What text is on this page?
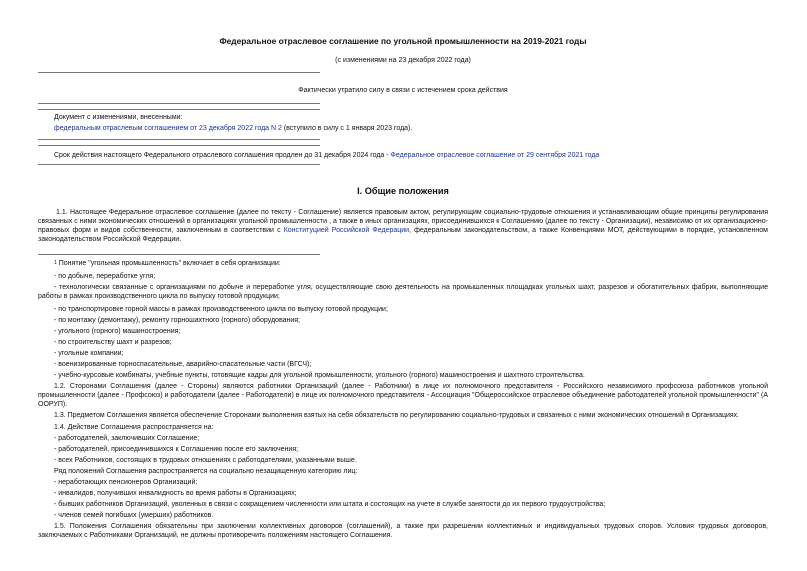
Федеральное отраслевое соглашение по угольной промышленности на 2019-2021 годы
(с изменениями на 23 декабря 2022 года)
Фактически утратило силу в связи с истечением срока действия
Документ с изменениями, внесенными:
федеральным отраслевым соглашением от 23 декабря 2022 года N 2 (вступило в силу с 1 января 2023 года).
Срок действия настоящего Федерального отраслевого соглашения продлен до 31 декабря 2024 года - Федеральное отраслевое соглашение от 29 сентября 2021 года
I. Общие положения
1.1. Настоящее Федеральное отраслевое соглашение (далее по тексту - Соглашение) является правовым актом, регулирующим социально-трудовые отношения и устанавливающим общие принципы регулирования связанных с ними экономических отношений в организациях угольной промышленности , а также в иных организациях, присоединившихся к Соглашению (далее по тексту - Организации), независимо от их организационно-правовых форм и видов собственности, заключенным в соответствии с Конституцией Российской Федерации, федеральным законодательством, а также Конвенциями МОТ, действующими в порядке, установленном законодательством Российской Федерации.
$^1$ Понятие "угольная промышленность" включает в себя организации:
- по добыче, переработке угля;
- технологически связанные с организациями по добыче и переработке угля, осуществляющие свою деятельность на промышленных площадках угольных шахт, разрезов и обогатительных фабрик, выполняющие работы в рамках производственного цикла по выпуску готовой продукции;
- по транспортировке горной массы в рамках производственного цикла по выпуску готовой продукции;
- по монтажу (демонтажу), ремонту горношахтного (горного) оборудования;
- угольного (горного) машиностроения;
- по строительству шахт и разрезов;
- угольные компании;
- военизированные горноспасательные, аварийно-спасательные части (ВГСЧ);
- учебно-курсовые комбинаты, учебные пункты, готовящие кадры для угольной промышленности, угольного (горного) машиностроения и шахтного строительства.
1.2. Сторонами Соглашения (далее - Стороны) являются работники Организаций (далее - Работники) в лице их полномочного представителя - Российского независимого профсоюза работников угольной промышленности (далее - Профсоюз) и работодатели (далее - Работодатели) в лице их полномочного представителя - Ассоциация "Общероссийское отраслевое объединение работодателей угольной промышленности" (А ООРУП).
1.3. Предметом Соглашения является обеспечение Сторонами выполнения взятых на себя обязательств по регулированию социально-трудовых и связанных с ними экономических отношений в Организациях.
1.4. Действие Соглашения распространяется на:
- работодателей, заключивших Соглашение;
- работодателей, присоединившихся к Соглашению после его заключения;
- всех Работников, состоящих в трудовых отношениях с работодателями, указанными выше.
Ряд положений Соглашения распространяется на социально незащищенную категорию лиц:
- неработающих пенсионеров Организаций;
- инвалидов, получивших инвалидность во время работы в Организациях;
- бывших работников Организаций, уволенных в связи с сокращением численности или штата и состоящих на учете в службе занятости до их первого трудоустройства;
- членов семей погибших (умерших) работников.
1.5. Положения Соглашения обязательны при заключении коллективных договоров (соглашений), а также при разрешении коллективных и индивидуальных трудовых споров. Условия трудовых договоров, заключаемых с Работниками Организаций, не должны противоречить положениям настоящего Соглашения.
